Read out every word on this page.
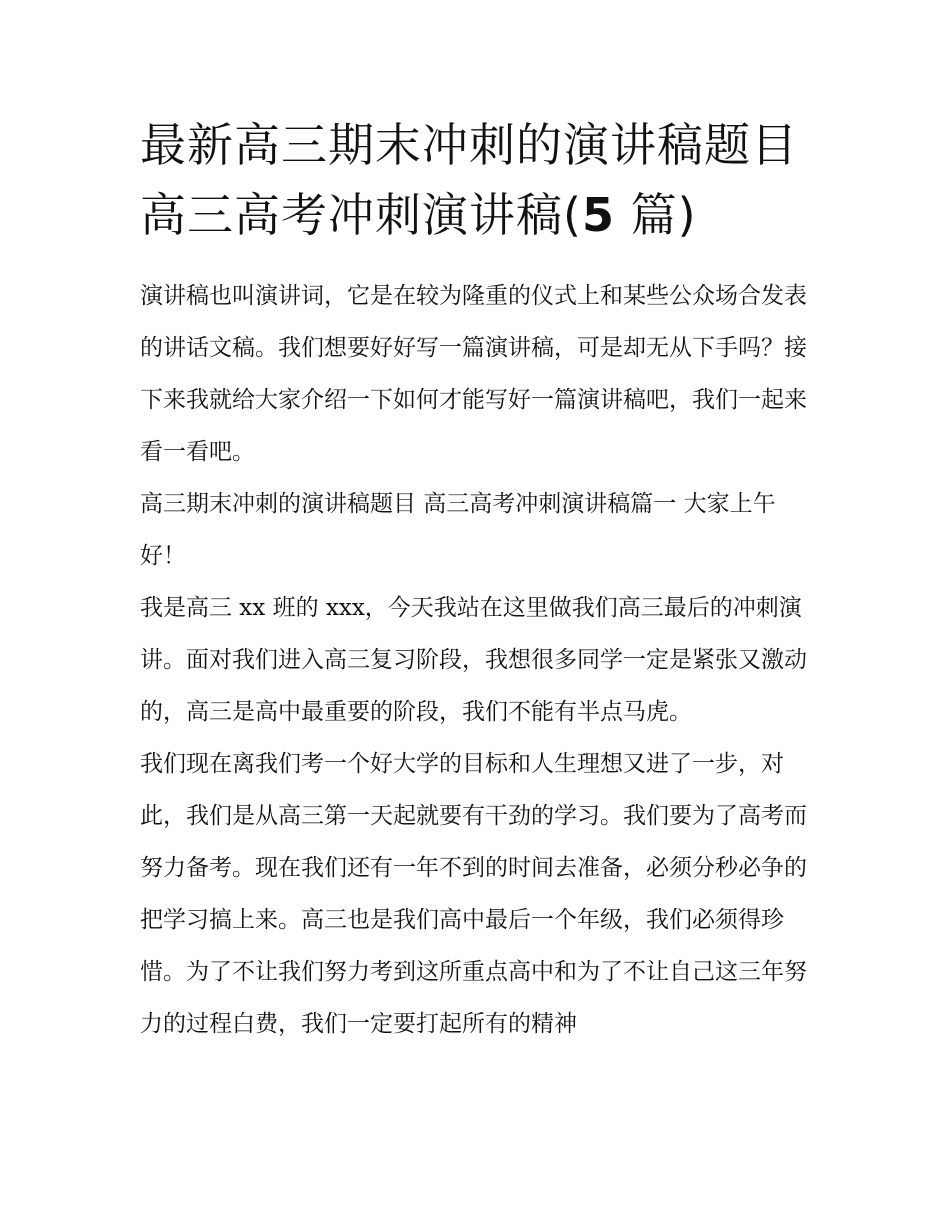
最新高三期末冲刺的演讲稿题目 高三高考冲刺演讲稿(5 篇)

演讲稿也叫演讲词，它是在较为隆重的仪式上和某些公众场合发表的讲话文稿。我们想要好好写一篇演讲稿，可是却无从下手吗？接下来我就给大家介绍一下如何才能写好一篇演讲稿吧，我们一起来看一看吧。

高三期末冲刺的演讲稿题目 高三高考冲刺演讲稿篇一 大家上午好！

我是高三 xx 班的 xxx，今天我站在这里做我们高三最后的冲刺演讲。面对我们进入高三复习阶段，我想很多同学一定是紧张又激动的，高三是高中最重要的阶段，我们不能有半点马虎。

我们现在离我们考一个好大学的目标和人生理想又进了一步，对此，我们是从高三第一天起就要有干劲的学习。我们要为了高考而努力备考。现在我们还有一年不到的时间去准备，必须分秒必争的把学习搞上来。高三也是我们高中最后一个年级，我们必须得珍惜。为了不让我们努力考到这所重点高中和为了不让自己这三年努力的过程白费，我们一定要打起所有的精神
